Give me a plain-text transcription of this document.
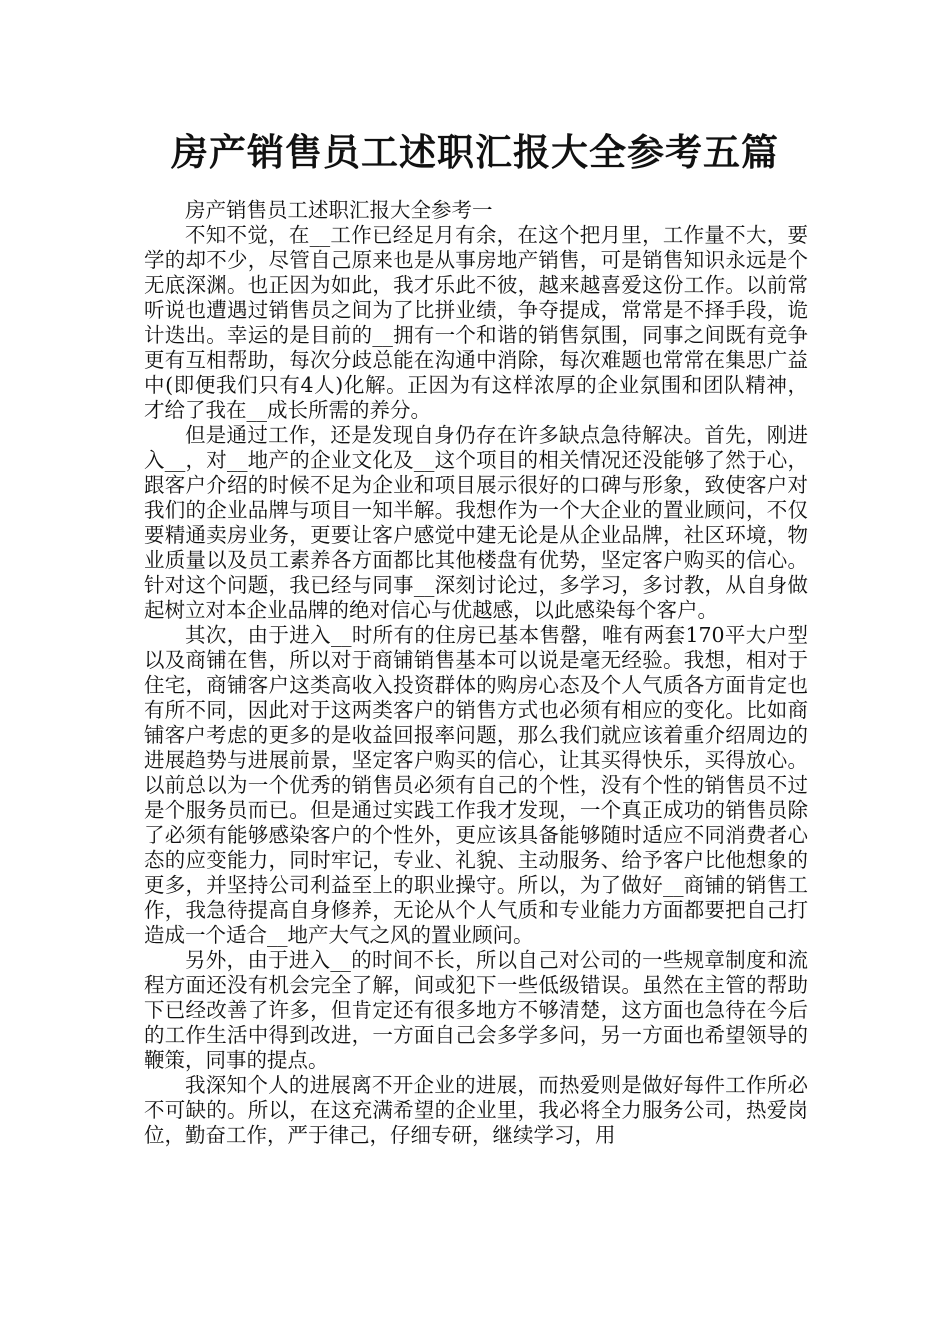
房产销售员工述职汇报大全参考五篇

房产销售员工述职汇报大全参考一

不知不觉，在__工作已经足月有余，在这个把月里，工作量不大，要学的却不少，尽管自己原来也是从事房地产销售，可是销售知识永远是个无底深渊。也正因为如此，我才乐此不彼，越来越喜爱这份工作。以前常听说也遭遇过销售员之间为了比拼业绩，争夺提成，常常是不择手段，诡计迭出。幸运的是目前的__拥有一个和谐的销售氛围，同事之间既有竞争更有互相帮助，每次分歧总能在沟通中消除，每次难题也常常在集思广益中(即便我们只有4人)化解。正因为有这样浓厚的企业氛围和团队精神，才给了我在__成长所需的养分。

但是通过工作，还是发现自身仍存在许多缺点急待解决。首先，刚进入__，对__地产的企业文化及__这个项目的相关情况还没能够了然于心，跟客户介绍的时候不足为企业和项目展示很好的口碑与形象，致使客户对我们的企业品牌与项目一知半解。我想作为一个大企业的置业顾问，不仅要精通卖房业务，更要让客户感觉中建无论是从企业品牌，社区环境，物业质量以及员工素养各方面都比其他楼盘有优势，坚定客户购买的信心。针对这个问题，我已经与同事__深刻讨论过，多学习，多讨教，从自身做起树立对本企业品牌的绝对信心与优越感，以此感染每个客户。

其次，由于进入__时所有的住房已基本售罄，唯有两套170平大户型以及商铺在售，所以对于商铺销售基本可以说是毫无经验。我想，相对于住宅，商铺客户这类高收入投资群体的购房心态及个人气质各方面肯定也有所不同，因此对于这两类客户的销售方式也必须有相应的变化。比如商铺客户考虑的更多的是收益回报率问题，那么我们就应该着重介绍周边的进展趋势与进展前景，坚定客户购买的信心，让其买得快乐，买得放心。以前总以为一个优秀的销售员必须有自己的个性，没有个性的销售员不过是个服务员而已。但是通过实践工作我才发现，一个真正成功的销售员除了必须有能够感染客户的个性外，更应该具备能够随时适应不同消费者心态的应变能力，同时牢记，专业、礼貌、主动服务、给予客户比他想象的更多，并坚持公司利益至上的职业操守。所以，为了做好__商铺的销售工作，我急待提高自身修养，无论从个人气质和专业能力方面都要把自己打造成一个适合__地产大气之风的置业顾问。

另外，由于进入__的时间不长，所以自己对公司的一些规章制度和流程方面还没有机会完全了解，间或犯下一些低级错误。虽然在主管的帮助下已经改善了许多，但肯定还有很多地方不够清楚，这方面也急待在今后的工作生活中得到改进，一方面自己会多学多问，另一方面也希望领导的鞭策，同事的提点。

我深知个人的进展离不开企业的进展，而热爱则是做好每件工作所必不可缺的。所以，在这充满希望的企业里，我必将全力服务公司，热爱岗位，勤奋工作，严于律己，仔细专研，继续学习，用
